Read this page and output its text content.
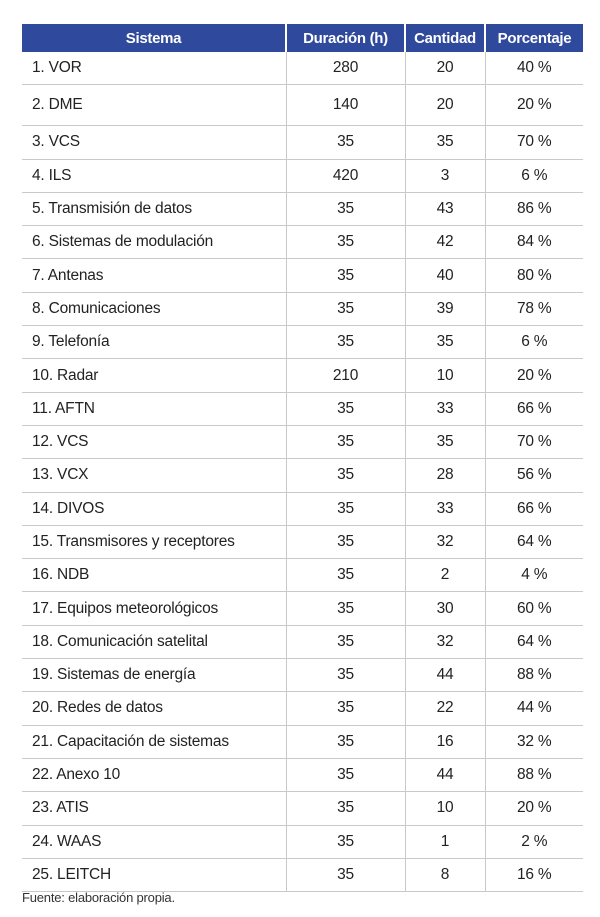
Sistema	Duración (h)	Cantidad	Porcentaje
1. VOR	280	20	40 %
2. DME	140	20	20 %
3. VCS	35	35	70 %
4. ILS	420	3	6 %
5. Transmisión de datos	35	43	86 %
6. Sistemas de modulación	35	42	84 %
7. Antenas	35	40	80 %
8. Comunicaciones	35	39	78 %
9. Telefonía	35	35	6 %
10. Radar	210	10	20 %
11. AFTN	35	33	66 %
12. VCS	35	35	70 %
13. VCX	35	28	56 %
14. DIVOS	35	33	66 %
15. Transmisores y receptores	35	32	64 %
16. NDB	35	2	4 %
17. Equipos meteorológicos	35	30	60 %
18. Comunicación satelital	35	32	64 %
19. Sistemas de energía	35	44	88 %
20. Redes de datos	35	22	44 %
21. Capacitación de sistemas	35	16	32 %
22. Anexo 10	35	44	88 %
23. ATIS	35	10	20 %
24. WAAS	35	1	2 %
25. LEITCH	35	8	16 %
Fuente: elaboración propia.
